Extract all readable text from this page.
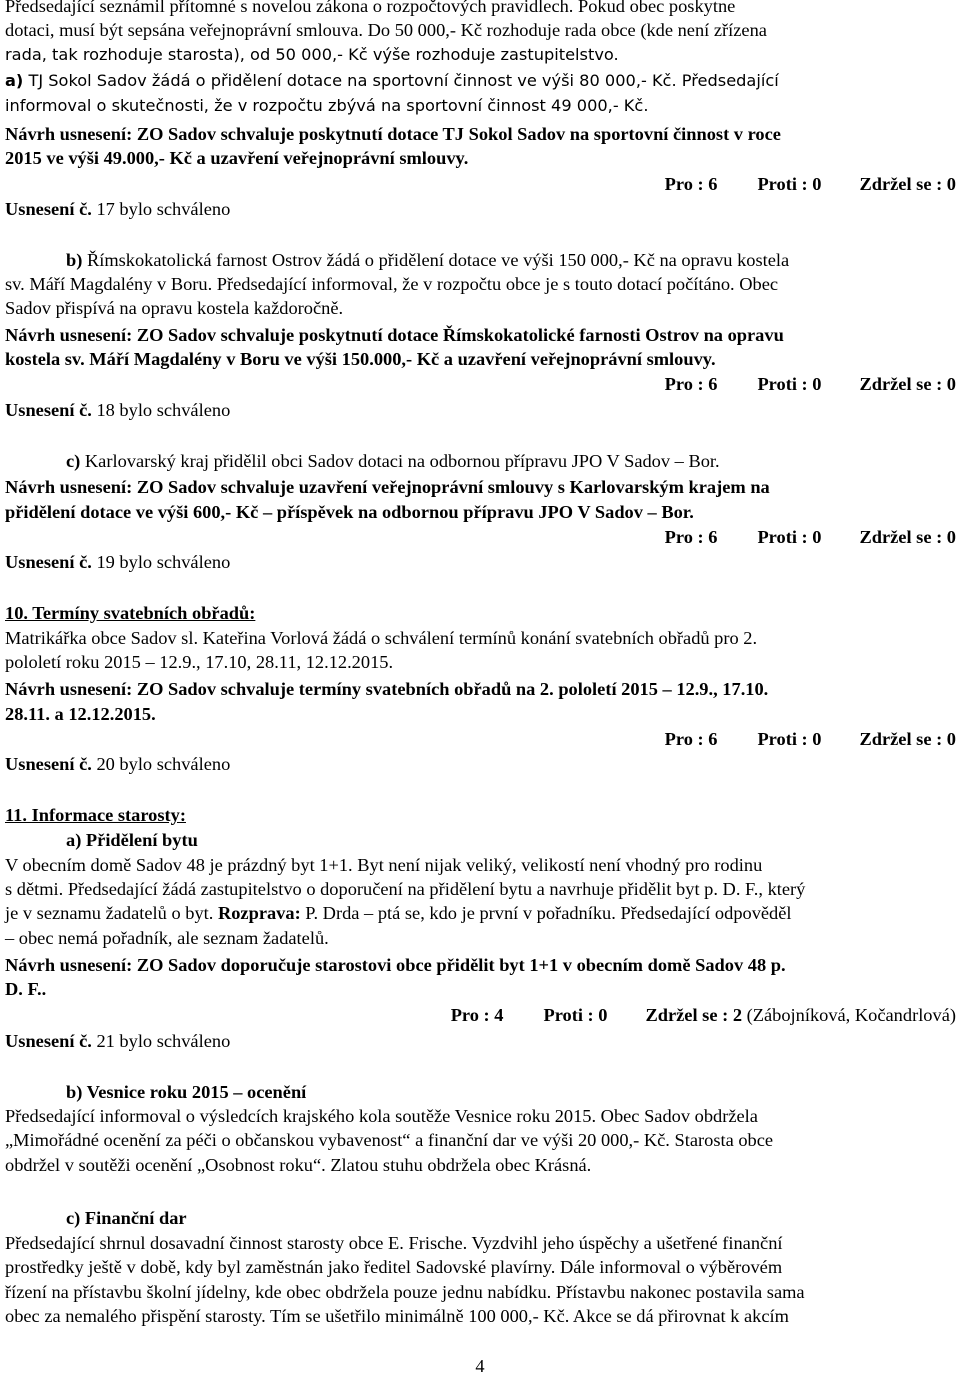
Předsedající seznámil přítomné s novelou zákona o rozpočtových pravidlech. Pokud obec poskytne
dotaci, musí být sepsána veřejnoprávní smlouva. Do 50 000,- Kč rozhoduje rada obce (kde není zřízena
rada, tak rozhoduje starosta), od 50 000,- Kč výše rozhoduje zastupitelstvo.
a) TJ Sokol Sadov žádá o přidělení dotace na sportovní činnost ve výši 80 000,- Kč. Předsedající
informoval o skutečnosti, že v rozpočtu zbývá na sportovní činnost 49 000,- Kč.
Návrh usnesení: ZO Sadov schvaluje poskytnutí dotace TJ Sokol Sadov na sportovní činnost v roce
2015 ve výši 49.000,- Kč a uzavření veřejnoprávní smlouvy.
Pro : 6 Proti : 0 Zdržel se : 0
Usnesení č. 17 bylo schváleno
b) Římskokatolická farnost Ostrov žádá o přidělení dotace ve výši 150 000,- Kč na opravu kostela
sv. Máří Magdalény v Boru. Předsedající informoval, že v rozpočtu obce je s touto dotací počítáno. Obec
Sadov přispívá na opravu kostela každoročně.
Návrh usnesení: ZO Sadov schvaluje poskytnutí dotace Římskokatolické farnosti Ostrov na opravu
kostela sv. Máří Magdalény v Boru ve výši 150.000,- Kč a uzavření veřejnoprávní smlouvy.
Pro : 6 Proti : 0 Zdržel se : 0
Usnesení č. 18 bylo schváleno
c) Karlovarský kraj přidělil obci Sadov dotaci na odbornou přípravu JPO V Sadov – Bor.
Návrh usnesení: ZO Sadov schvaluje uzavření veřejnoprávní smlouvy s Karlovarským krajem na
přidělení dotace ve výši 600,- Kč – příspěvek na odbornou přípravu JPO V Sadov – Bor.
Pro : 6 Proti : 0 Zdržel se : 0
Usnesení č. 19 bylo schváleno
10. Termíny svatebních obřadů:
Matrikářka obce Sadov sl. Kateřina Vorlová žádá o schválení termínů konání svatebních obřadů pro 2.
pololetí roku 2015 – 12.9., 17.10, 28.11, 12.12.2015.
Návrh usnesení: ZO Sadov schvaluje termíny svatebních obřadů na 2. pololetí 2015 – 12.9., 17.10.
28.11. a 12.12.2015.
Pro : 6 Proti : 0 Zdržel se : 0
Usnesení č. 20 bylo schváleno
11. Informace starosty:
a) Přidělení bytu
V obecním domě Sadov 48 je prázdný byt 1+1. Byt není nijak veliký, velikostí není vhodný pro rodinu
s dětmi. Předsedající žádá zastupitelstvo o doporučení na přidělení bytu a navrhuje přidělit byt p. D. F., který
je v seznamu žadatelů o byt. Rozprava: P. Drda – ptá se, kdo je první v pořadníku. Předsedající odpověděl
– obec nemá pořadník, ale seznam žadatelů.
Návrh usnesení: ZO Sadov doporučuje starostovi obce přidělit byt 1+1 v obecním domě Sadov 48 p.
D. F..
Pro : 4 Proti : 0 Zdržel se : 2 (Zábojníková, Kočandrlová)
Usnesení č. 21 bylo schváleno
b) Vesnice roku 2015 – ocenění
Předsedající informoval o výsledcích krajského kola soutěže Vesnice roku 2015. Obec Sadov obdržela
„Mimořádné ocenění za péči o občanskou vybavenost“ a finanční dar ve výši 20 000,- Kč. Starosta obce
obdržel v soutěži ocenění „Osobnost roku“. Zlatou stuhu obdržela obec Krásná.
c) Finanční dar
Předsedající shrnul dosavadní činnost starosty obce E. Frische. Vyzdvihl jeho úspěchy a ušetřené finanční
prostředky ještě v době, kdy byl zaměstnán jako ředitel Sadovské plavírny. Dále informoval o výběrovém
řízení na přístavbu školní jídelny, kde obec obdržela pouze jednu nabídku. Přístavbu nakonec postavila sama
obec za nemalého přispění starosty. Tím se ušetřilo minimálně 100 000,- Kč. Akce se dá přirovnat k akcím
4
